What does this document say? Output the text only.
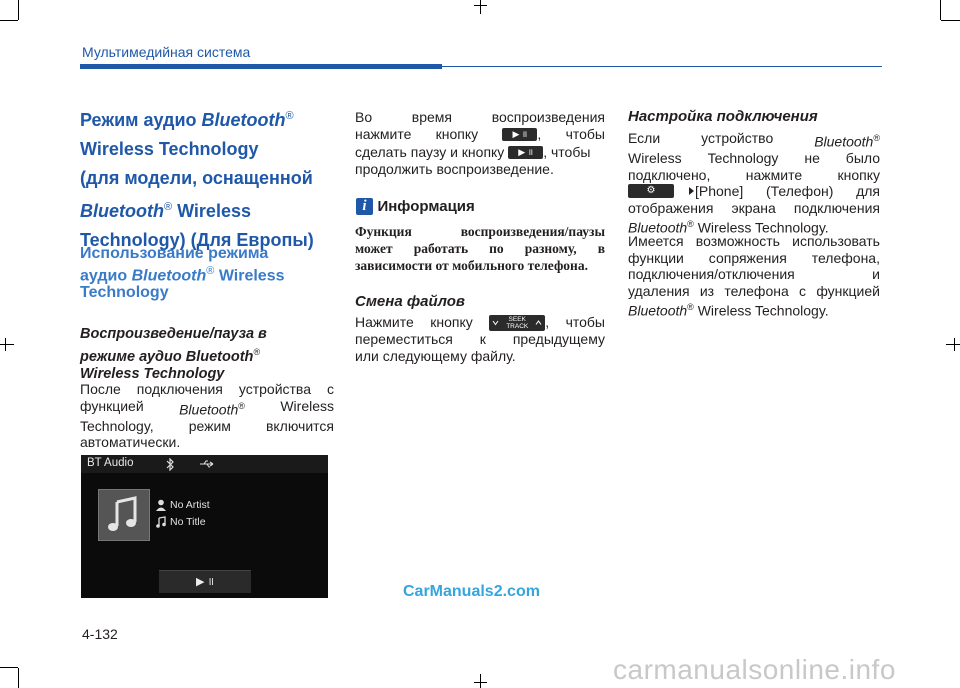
Мультимедийная система
Режим аудио Bluetooth®
Wireless Technology
(для модели, оснащенной
Bluetooth® Wireless
Technology) (Для Европы)
Использование режима
аудио Bluetooth® Wireless
Technology
Воспроизведение/пауза в
режиме аудио Bluetooth®
Wireless Technology
После подключения устройства с
функцией	Bluetooth®	Wireless
Technology,	режим	включится
автоматически.
BT Audio
No Artist
No Title
▶ ॥
Во	время	воспроизведения
нажмите кнопку	▶ ॥ , чтобы
сделать паузу и кнопку
	▶ ॥ , чтобы
продолжить воспроизведение.
i Информация
Функция	воспроизведения/паузы
может работать по разному, в
зависимости от мобильного телефона.
Смена файлов
Нажмите кнопку	SEEK
TRACK	, чтобы
переместиться к предыдущему
или следующему файлу.
Настройка подключения
Если	устройство	Bluetooth®
Wireless Technology не было
подключено,	нажмите	кнопку
⚙	[Phone] (Телефон) для
отображения экрана подключения
Bluetooth® Wireless Technology.
Имеется возможность использовать
функции сопряжения телефона,
подключения/отключения	и
удаления из телефона с функцией
Bluetooth® Wireless Technology.
CarManuals2.com
4-132
carmanualsonline.info
